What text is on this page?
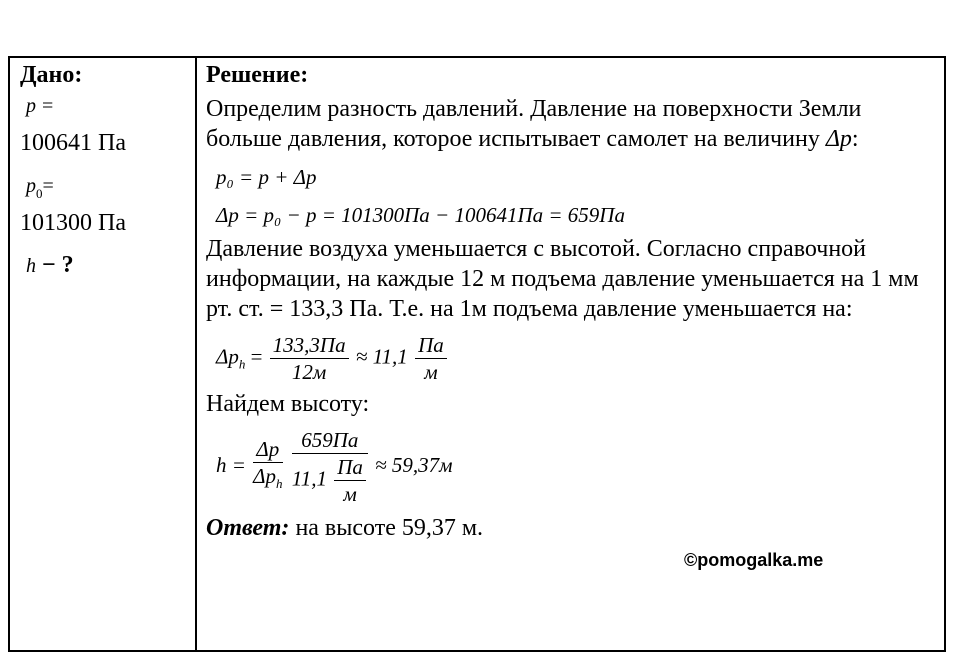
Дано:
p =
100641 Па
$p_0=$
101300 Па
h − ?
Решение:

Определим разность давлений. Давление на поверхности Земли больше давления, которое испытывает самолет на величину Δp:

p₀ = p + Δp
Δp = p₀ − p = 101300Па − 100641Па = 659Па

Давление воздуха уменьшается с высотой. Согласно справочной информации, на каждые 12 м подъема давление уменьшается на 1 мм рт. ст. = 133,3 Па. Т.е. на 1м подъема давление уменьшается на:

$\Delta p_h = \frac{133,3Па}{12м} \approx 11,1 \frac{Па}{м}$

Найдем высоту:

$h = \frac{\Delta p}{\Delta p_h}$
$\frac{659Па}{11,1 \frac{Па}{м}} \approx 59,37м$
Ответ: на высоте 59,37 м.
©pomogalka.me
